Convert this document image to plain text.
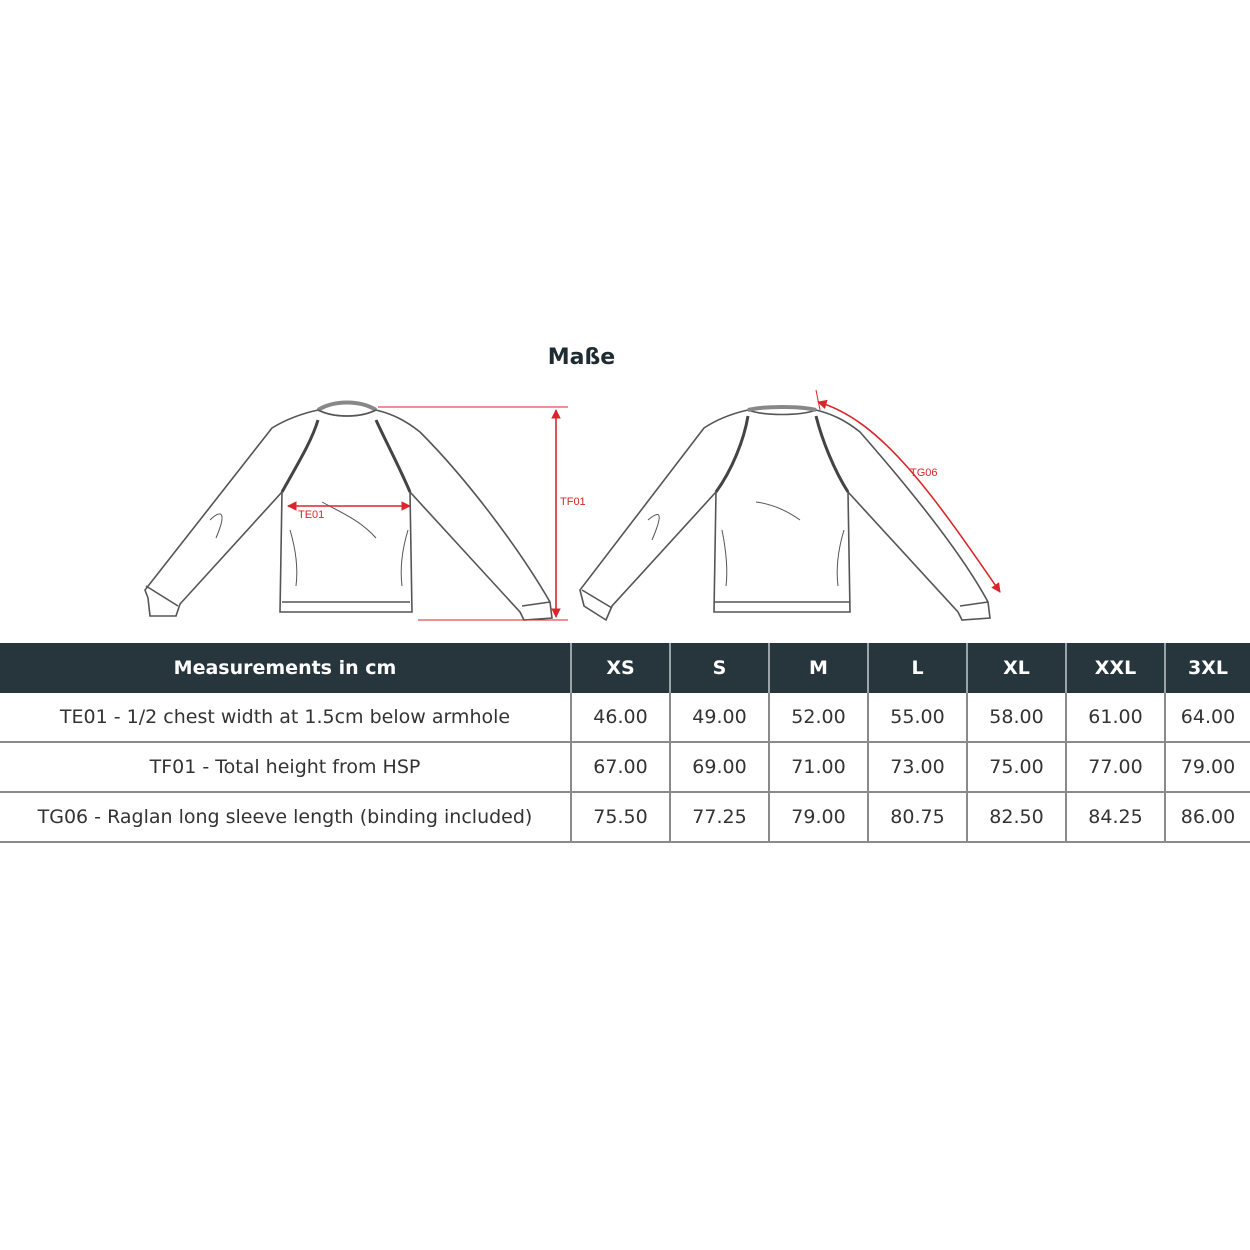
Maße
TE01
TF01
TG06
Measurements in cm	XS	S	M	L	XL	XXL	3XL
TE01 - 1/2 chest width at 1.5cm below armhole	46.00	49.00	52.00	55.00	58.00	61.00	64.00
TF01 - Total height from HSP	67.00	69.00	71.00	73.00	75.00	77.00	79.00
TG06 - Raglan long sleeve length (binding included)	75.50	77.25	79.00	80.75	82.50	84.25	86.00
